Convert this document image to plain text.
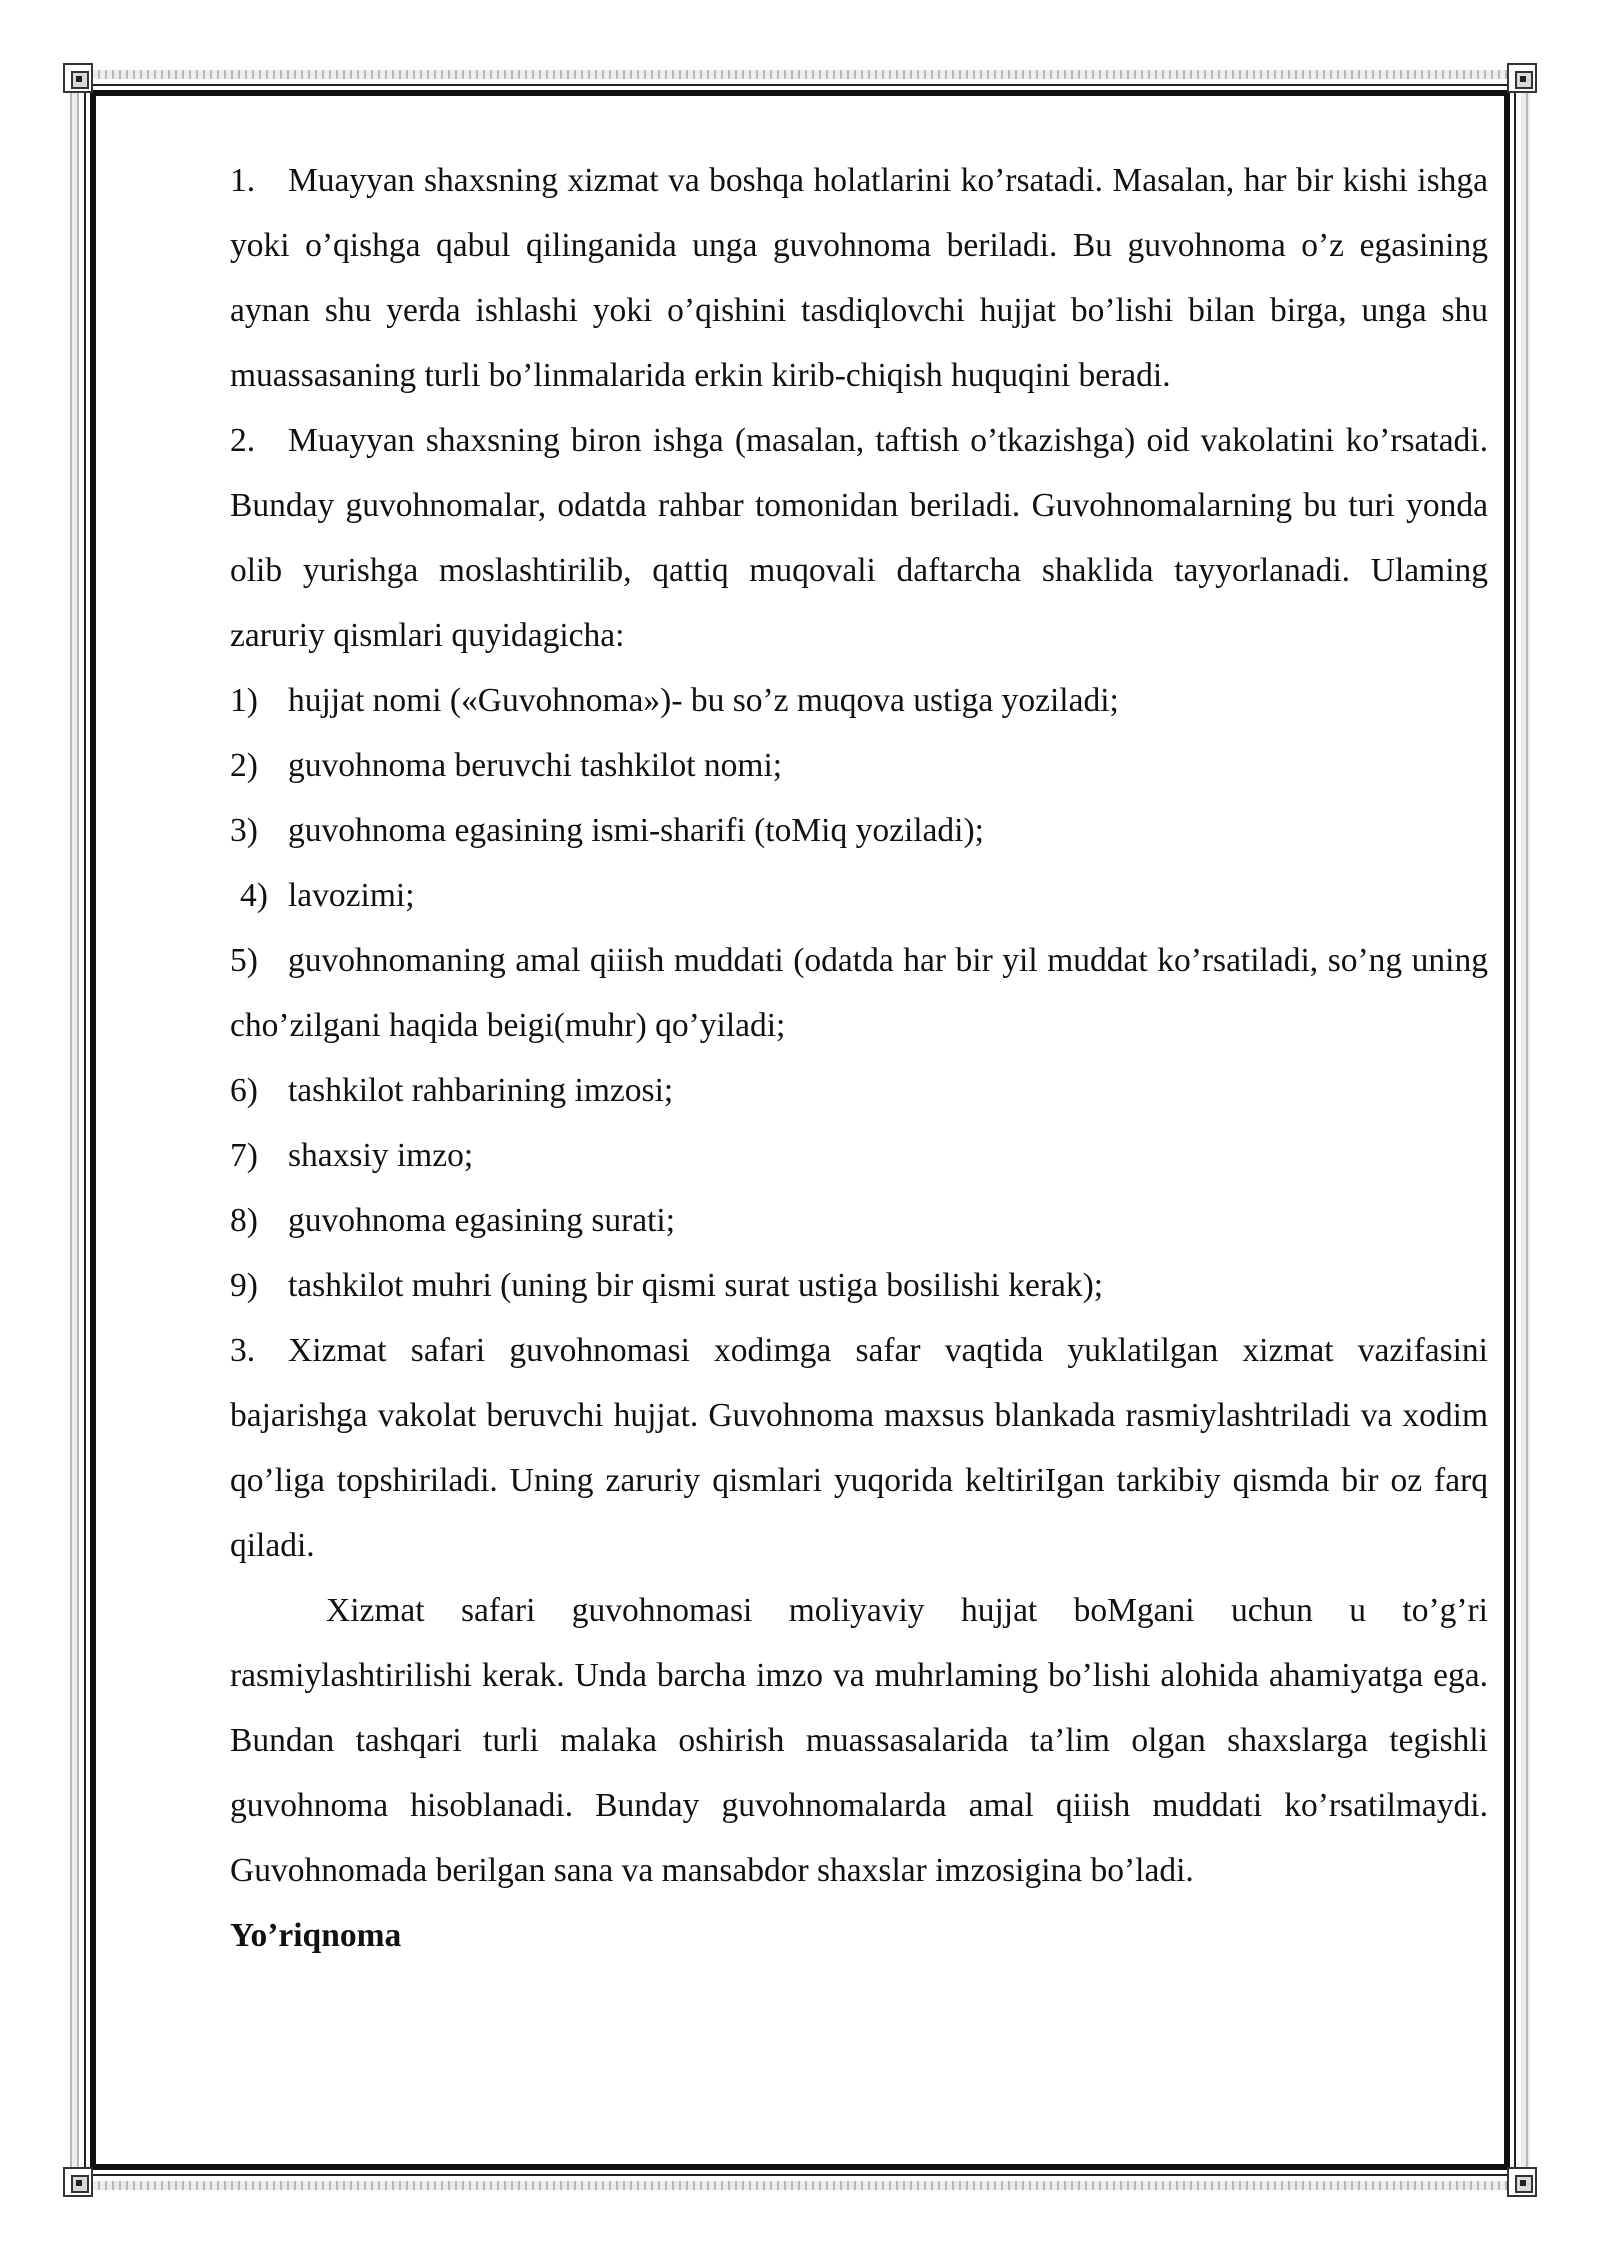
1. Muayyan shaxsning xizmat va boshqa holatlarini ko’rsatadi. Masalan, har bir kishi ishga yoki o’qishga qabul qilinganida unga guvohnoma beriladi. Bu guvohnoma o’z egasining aynan shu yerda ishlashi yoki o’qishini tasdiqlovchi hujjat bo’lishi bilan birga, unga shu muassasaning turli bo’linmalarida erkin kirib-chiqish huquqini beradi.

2. Muayyan shaxsning biron ishga (masalan, taftish o’tkazishga) oid vakolatini ko’rsatadi. Bunday guvohnomalar, odatda rahbar tomonidan beriladi. Guvohnomalarning bu turi yonda olib yurishga moslashtirilib, qattiq muqovali daftarcha shaklida tayyorlanadi. Ulaming zaruriy qismlari quyidagicha:

1) hujjat nomi («Guvohnoma»)- bu so’z muqova ustiga yoziladi;

2) guvohnoma beruvchi tashkilot nomi;

3) guvohnoma egasining ismi-sharifi (toMiq yoziladi);

4) lavozimi;

5) guvohnomaning amal qiiish muddati (odatda har bir yil muddat ko’rsatiladi, so’ng uning cho’zilgani haqida beigi(muhr) qo’yiladi;

6) tashkilot rahbarining imzosi;

7) shaxsiy imzo;

8) guvohnoma egasining surati;

9) tashkilot muhri (uning bir qismi surat ustiga bosilishi kerak);

3. Xizmat safari guvohnomasi xodimga safar vaqtida yuklatilgan xizmat vazifasini bajarishga vakolat beruvchi hujjat. Guvohnoma maxsus blankada rasmiylashtriladi va xodim qo’liga topshiriladi. Uning zaruriy qismlari yuqorida keltiriIgan tarkibiy qismda bir oz farq qiladi.

Xizmat safari guvohnomasi moliyaviy hujjat boMgani uchun u to’g’ri rasmiylashtirilishi kerak. Unda barcha imzo va muhrlaming bo’lishi alohida ahamiyatga ega. Bundan tashqari turli malaka oshirish muassasalarida ta’lim olgan shaxslarga tegishli guvohnoma hisoblanadi. Bunday guvohnomalarda amal qiiish muddati ko’rsatilmaydi. Guvohnomada berilgan sana va mansabdor shaxslar imzosigina bo’ladi.

Yo’riqnoma
